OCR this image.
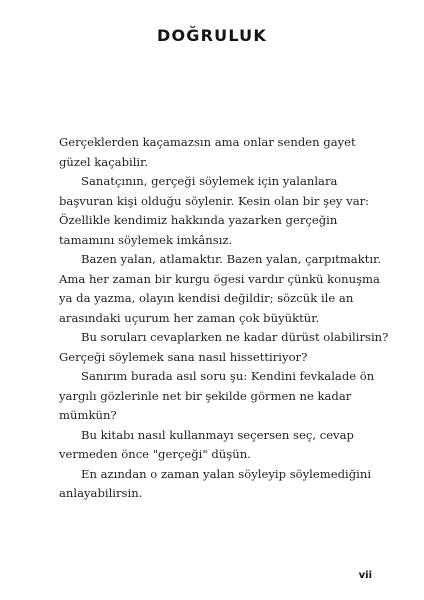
DOĞRULUK

Gerçeklerden kaçamazsın ama onlar senden gayet güzel kaçabilir.

Sanatçının, gerçeği söylemek için yalanlara başvuran kişi olduğu söylenir. Kesin olan bir şey var: Özellikle kendimiz hakkında yazarken gerçeğin tamamını söylemek imkânsız.

Bazen yalan, atlamaktır. Bazen yalan, çarpıtmaktır. Ama her zaman bir kurgu ögesi vardır çünkü konuşma ya da yazma, olayın kendisi değildir; sözcük ile an arasındaki uçurum her zaman çok büyüktür.

Bu soruları cevaplarken ne kadar dürüst olabilirsin? Gerçeği söylemek sana nasıl hissettiriyor?

Sanırım burada asıl soru şu: Kendini fevkalade ön yargılı gözlerinle net bir şekilde görmen ne kadar mümkün?

Bu kitabı nasıl kullanmayı seçersen seç, cevap vermeden önce "gerçeği" düşün.

En azından o zaman yalan söyleyip söylemediğini anlayabilirsin.

vii
